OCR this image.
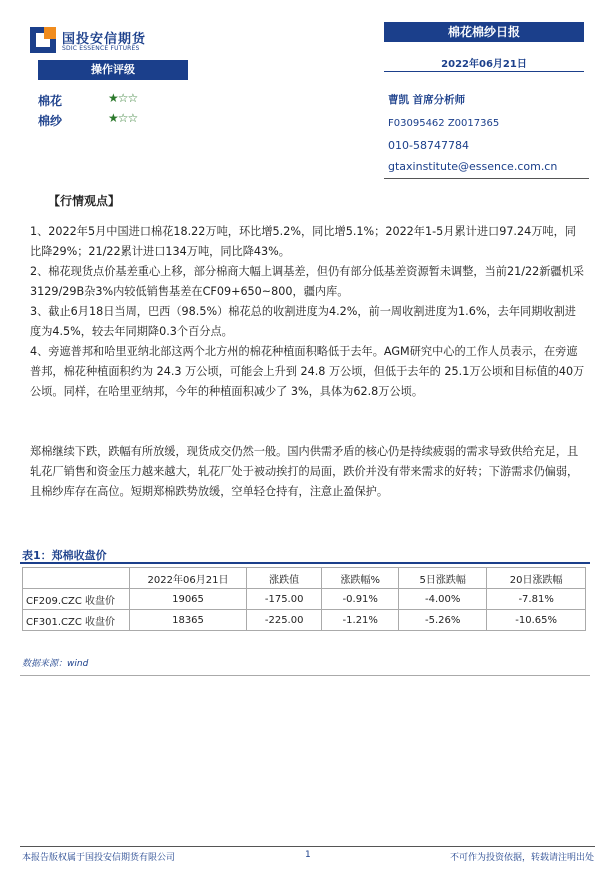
国投安信期货
SDIC ESSENCE FUTURES
棉花棉纱日报
2022年06月21日
操作评级
棉花	★☆☆
棉纱	★☆☆
曹凯 首席分析师
F03095462 Z0017365
010-58747784
gtaxinstitute@essence.com.cn
【行情观点】
1、2022年5月中国进口棉花18.22万吨，环比增5.2%，同比增5.1%；2022年1-5月累计进口97.24万吨，同比降29%；21/22累计进口134万吨，同比降43%。
2、棉花现货点价基差重心上移，部分棉商大幅上调基差，但仍有部分低基差资源暂未调整，当前21/22新疆机采3129/29B杂3%内较低销售基差在CF09+650~800，疆内库。
3、截止6月18日当周，巴西（98.5%）棉花总的收割进度为4.2%，前一周收割进度为1.6%，去年同期收割进度为4.5%，较去年同期降0.3个百分点。
4、旁遮普邦和哈里亚纳北部这两个北方州的棉花种植面积略低于去年。AGM研究中心的工作人员表示，在旁遮普邦，棉花种植面积约为 24.3 万公顷，可能会上升到 24.8 万公顷，但低于去年的 25.1万公顷和目标值的40万公顷。同样，在哈里亚纳邦，今年的种植面积减少了 3%，具体为62.8万公顷。
郑棉继续下跌，跌幅有所放缓，现货成交仍然一般。国内供需矛盾的核心仍是持续疲弱的需求导致供给充足，且轧花厂销售和资金压力越来越大，轧花厂处于被动挨打的局面，跌价并没有带来需求的好转；下游需求仍偏弱，且棉纱库存在高位。短期郑棉跌势放缓，空单轻仓持有，注意止盈保护。
表1：郑棉收盘价
	2022年06月21日	涨跌值	涨跌幅%	5日涨跌幅	20日涨跌幅
CF209.CZC 收盘价	19065	-175.00	-0.91%	-4.00%	-7.81%
CF301.CZC 收盘价	18365	-225.00	-1.21%	-5.26%	-10.65%
数据来源：wind
本报告版权属于国投安信期货有限公司	1	不可作为投资依据，转载请注明出处
